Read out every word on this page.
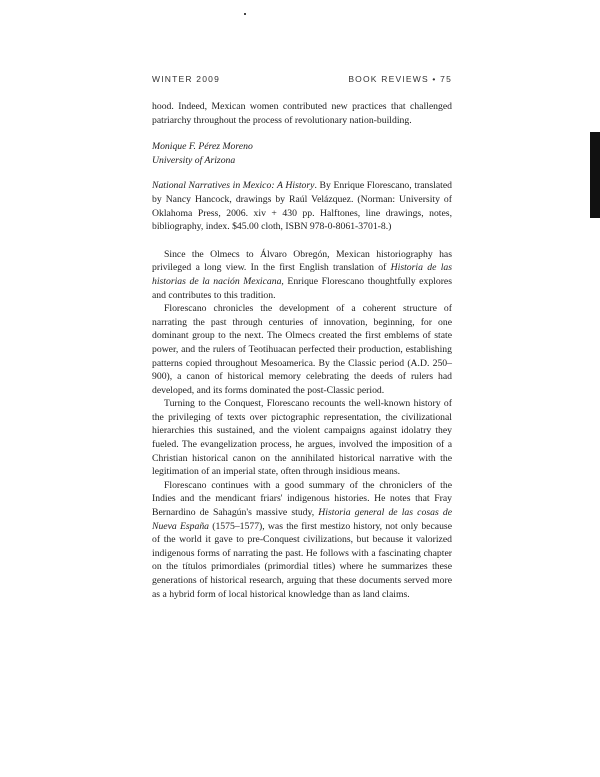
WINTER 2009	BOOK REVIEWS • 75

hood. Indeed, Mexican women contributed new practices that challenged patriarchy throughout the process of revolutionary nation-building.

Monique F. Pérez Moreno
University of Arizona

National Narratives in Mexico: A History. By Enrique Florescano, translated by Nancy Hancock, drawings by Raúl Velázquez. (Norman: University of Oklahoma Press, 2006. xiv + 430 pp. Halftones, line drawings, notes, bibliography, index. $45.00 cloth, ISBN 978-0-8061-3701-8.)

Since the Olmecs to Álvaro Obregón, Mexican historiography has privileged a long view. In the first English translation of Historia de las historias de la nación Mexicana, Enrique Florescano thoughtfully explores and contributes to this tradition.

Florescano chronicles the development of a coherent structure of narrating the past through centuries of innovation, beginning, for one dominant group to the next. The Olmecs created the first emblems of state power, and the rulers of Teotihuacan perfected their production, establishing patterns copied throughout Mesoamerica. By the Classic period (A.D. 250–900), a canon of historical memory celebrating the deeds of rulers had developed, and its forms dominated the post-Classic period.

Turning to the Conquest, Florescano recounts the well-known history of the privileging of texts over pictographic representation, the civilizational hierarchies this sustained, and the violent campaigns against idolatry they fueled. The evangelization process, he argues, involved the imposition of a Christian historical canon on the annihilated historical narrative with the legitimation of an imperial state, often through insidious means.

Florescano continues with a good summary of the chroniclers of the Indies and the mendicant friars' indigenous histories. He notes that Fray Bernardino de Sahagún's massive study, Historia general de las cosas de Nueva España (1575–1577), was the first mestizo history, not only because of the world it gave to pre-Conquest civilizations, but because it valorized indigenous forms of narrating the past. He follows with a fascinating chapter on the títulos primordiales (primordial titles) where he summarizes these generations of historical research, arguing that these documents served more as a hybrid form of local historical knowledge than as land claims.
